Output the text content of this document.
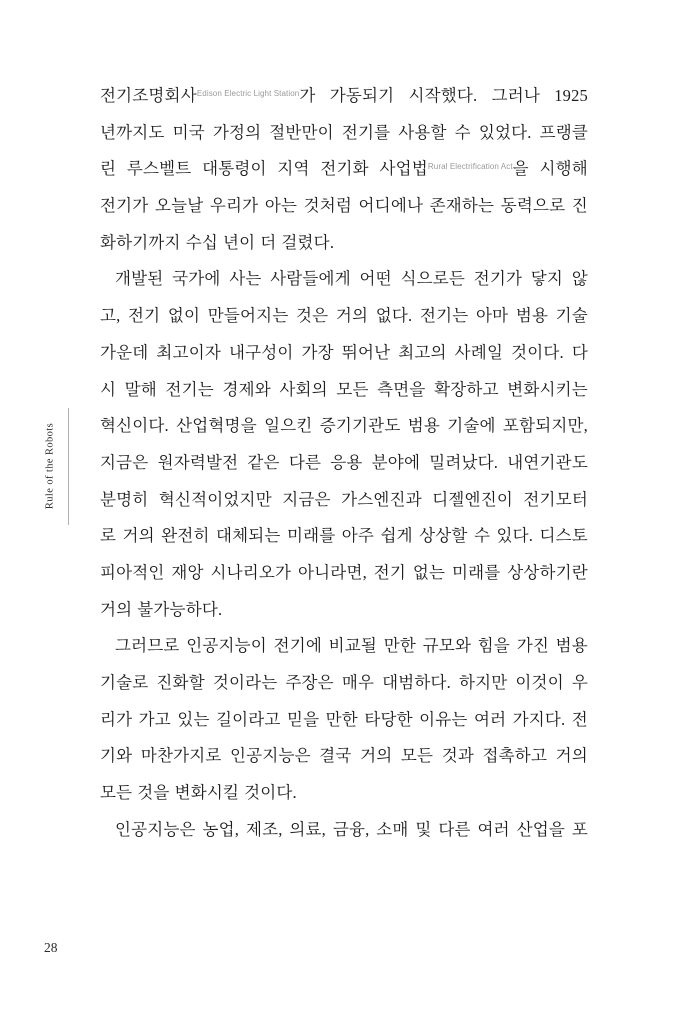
Rule of the Robots
전기조명회사$^{Edison Electric Light Station}$가 가동되기 시작했다. 그러나 1925
년까지도 미국 가정의 절반만이 전기를 사용할 수 있었다. 프랭클
린 루스벨트 대통령이 지역 전기화 사업법$^{Rural Electrification Act}$을 시행해
전기가 오늘날 우리가 아는 것처럼 어디에나 존재하는 동력으로 진
화하기까지 수십 년이 더 걸렸다.
개발된 국가에 사는 사람들에게 어떤 식으로든 전기가 닿지 않
고, 전기 없이 만들어지는 것은 거의 없다. 전기는 아마 범용 기술
가운데 최고이자 내구성이 가장 뛰어난 최고의 사례일 것이다. 다
시 말해 전기는 경제와 사회의 모든 측면을 확장하고 변화시키는
혁신이다. 산업혁명을 일으킨 증기기관도 범용 기술에 포함되지만,
지금은 원자력발전 같은 다른 응용 분야에 밀려났다. 내연기관도
분명히 혁신적이었지만 지금은 가스엔진과 디젤엔진이 전기모터
로 거의 완전히 대체되는 미래를 아주 쉽게 상상할 수 있다. 디스토
피아적인 재앙 시나리오가 아니라면, 전기 없는 미래를 상상하기란
거의 불가능하다.
그러므로 인공지능이 전기에 비교될 만한 규모와 힘을 가진 범용
기술로 진화할 것이라는 주장은 매우 대범하다. 하지만 이것이 우
리가 가고 있는 길이라고 믿을 만한 타당한 이유는 여러 가지다. 전
기와 마찬가지로 인공지능은 결국 거의 모든 것과 접촉하고 거의
모든 것을 변화시킬 것이다.
인공지능은 농업, 제조, 의료, 금융, 소매 및 다른 여러 산업을 포
28
